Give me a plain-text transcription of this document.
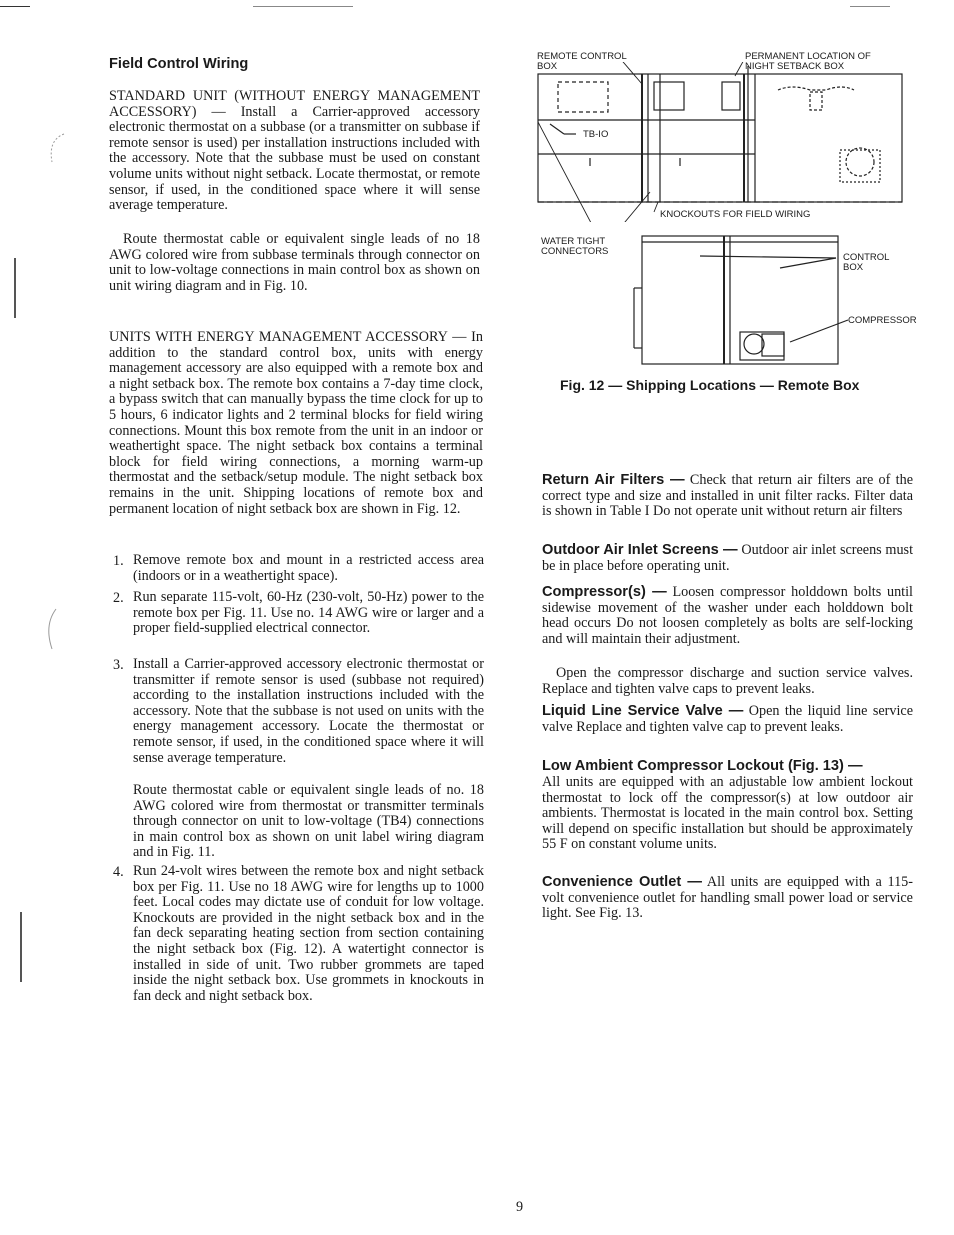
Field Control Wiring

STANDARD UNIT (WITHOUT ENERGY MANAGEMENT ACCESSORY) — Install a Carrier-approved accessory electronic thermostat on a subbase (or a transmitter on subbase if remote sensor is used) per installation instructions included with the accessory. Note that the subbase must be used on constant volume units without night setback. Locate thermostat, or remote sensor, if used, in the conditioned space where it will sense average temperature.

Route thermostat cable or equivalent single leads of no 18 AWG colored wire from subbase terminals through connector on unit to low-voltage connections in main control box as shown on unit wiring diagram and in Fig. 10.

UNITS WITH ENERGY MANAGEMENT ACCESSORY — In addition to the standard control box, units with energy management accessory are also equipped with a remote box and a night setback box. The remote box contains a 7-day time clock, a bypass switch that can manually bypass the time clock for up to 5 hours, 6 indicator lights and 2 terminal blocks for field wiring connections. Mount this box remote from the unit in an indoor or weathertight space. The night setback box contains a terminal block for field wiring connections, a morning warm-up thermostat and the setback/setup module. The night setback box remains in the unit. Shipping locations of remote box and permanent location of night setback box are shown in Fig. 12.

1. Remove remote box and mount in a restricted access area (indoors or in a weathertight space).

2. Run separate 115-volt, 60-Hz (230-volt, 50-Hz) power to the remote box per Fig. 11. Use no. 14 AWG wire or larger and a proper field-supplied electrical connector.

3. Install a Carrier-approved accessory electronic thermostat or transmitter if remote sensor is used (subbase not required) according to the installation instructions included with the accessory. Note that the subbase is not used on units with the energy management accessory. Locate the thermostat or remote sensor, if used, in the conditioned space where it will sense average temperature.

Route thermostat cable or equivalent single leads of no. 18 AWG colored wire from thermostat or transmitter terminals through connector on unit to low-voltage (TB4) connections in main control box as shown on unit label wiring diagram and in Fig. 11.

4. Run 24-volt wires between the remote box and night setback box per Fig. 11. Use no 18 AWG wire for lengths up to 1000 feet. Local codes may dictate use of conduit for low voltage. Knockouts are provided in the night setback box and in the fan deck separating heating section from section containing the night setback box (Fig. 12). A watertight connector is installed in side of unit. Two rubber grommets are taped inside the night setback box. Use grommets in knockouts in fan deck and night setback box.

REMOTE CONTROL
BOX
PERMANENT LOCATION OF
NIGHT SETBACK BOX
TB-IO
KNOCKOUTS FOR FIELD WIRING
WATER TIGHT
CONNECTORS
CONTROL
BOX
COMPRESSOR
Fig. 12 — Shipping Locations — Remote Box

Return Air Filters — Check that return air filters are of the correct type and size and installed in unit filter racks. Filter data is shown in Table I Do not operate unit without return air filters

Outdoor Air Inlet Screens — Outdoor air inlet screens must be in place before operating unit.

Compressor(s) — Loosen compressor holddown bolts until sidewise movement of the washer under each holddown bolt head occurs Do not loosen completely as bolts are self-locking and will maintain their adjustment.

Open the compressor discharge and suction service valves. Replace and tighten valve caps to prevent leaks.

Liquid Line Service Valve — Open the liquid line service valve Replace and tighten valve cap to prevent leaks.

Low Ambient Compressor Lockout (Fig. 13) —

All units are equipped with an adjustable low ambient lockout thermostat to lock off the compressor(s) at low outdoor air ambients. Thermostat is located in the main control box. Setting will depend on specific installation but should be approximately 55 F on constant volume units.

Convenience Outlet — All units are equipped with a 115-volt convenience outlet for handling small power load or service light. See Fig. 13.

9
